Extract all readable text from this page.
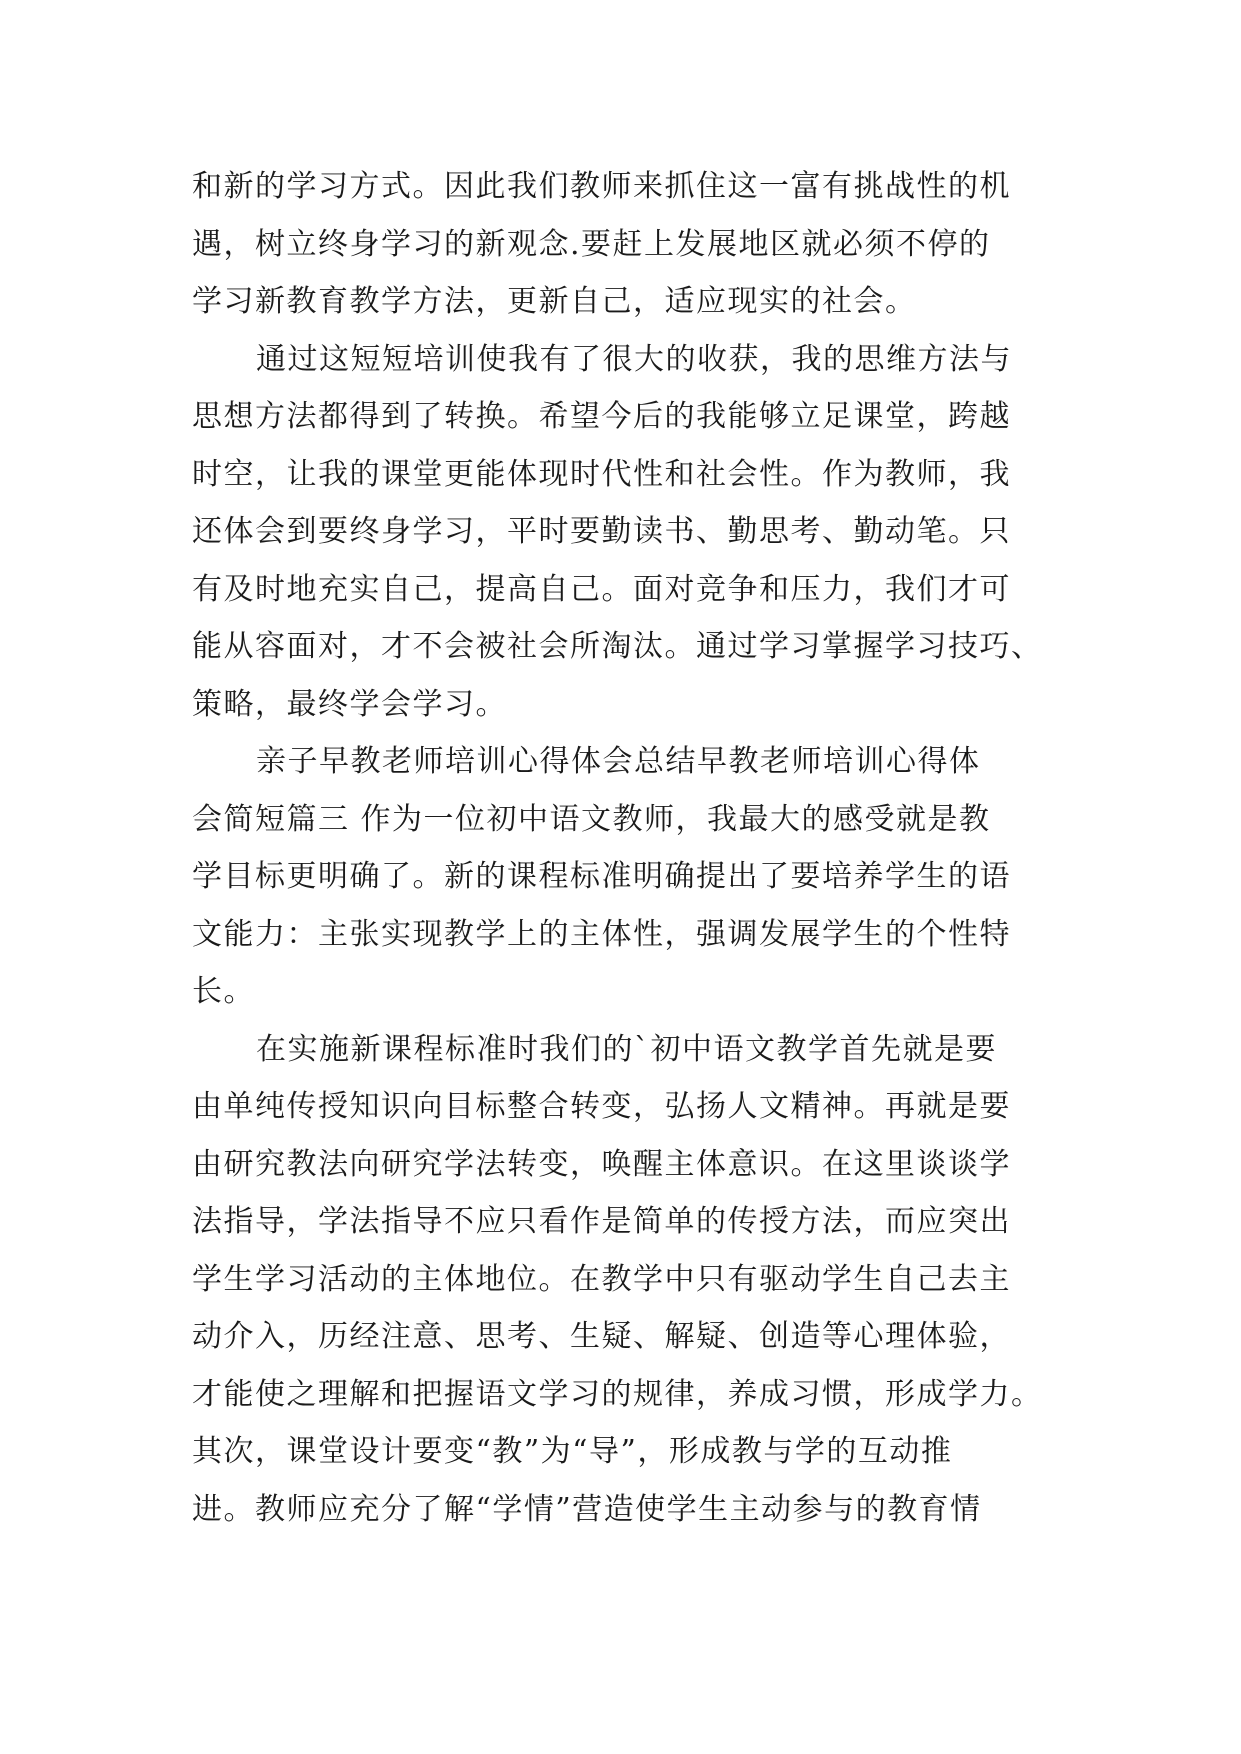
和新的学习方式。因此我们教师来抓住这一富有挑战性的机
遇，树立终身学习的新观念.要赶上发展地区就必须不停的
学习新教育教学方法，更新自己，适应现实的社会。
通过这短短培训使我有了很大的收获，我的思维方法与
思想方法都得到了转换。希望今后的我能够立足课堂，跨越
时空，让我的课堂更能体现时代性和社会性。作为教师，我
还体会到要终身学习，平时要勤读书、勤思考、勤动笔。只
有及时地充实自己，提高自己。面对竞争和压力，我们才可
能从容面对，才不会被社会所淘汰。通过学习掌握学习技巧、
策略，最终学会学习。
亲子早教老师培训心得体会总结早教老师培训心得体
会简短篇三 作为一位初中语文教师，我最大的感受就是教
学目标更明确了。新的课程标准明确提出了要培养学生的语
文能力：主张实现教学上的主体性，强调发展学生的个性特
长。
在实施新课程标准时我们的`初中语文教学首先就是要
由单纯传授知识向目标整合转变，弘扬人文精神。再就是要
由研究教法向研究学法转变，唤醒主体意识。在这里谈谈学
法指导，学法指导不应只看作是简单的传授方法，而应突出
学生学习活动的主体地位。在教学中只有驱动学生自己去主
动介入，历经注意、思考、生疑、解疑、创造等心理体验，
才能使之理解和把握语文学习的规律，养成习惯，形成学力。
其次，课堂设计要变“教”为“导”，形成教与学的互动推
进。教师应充分了解“学情”营造使学生主动参与的教育情
